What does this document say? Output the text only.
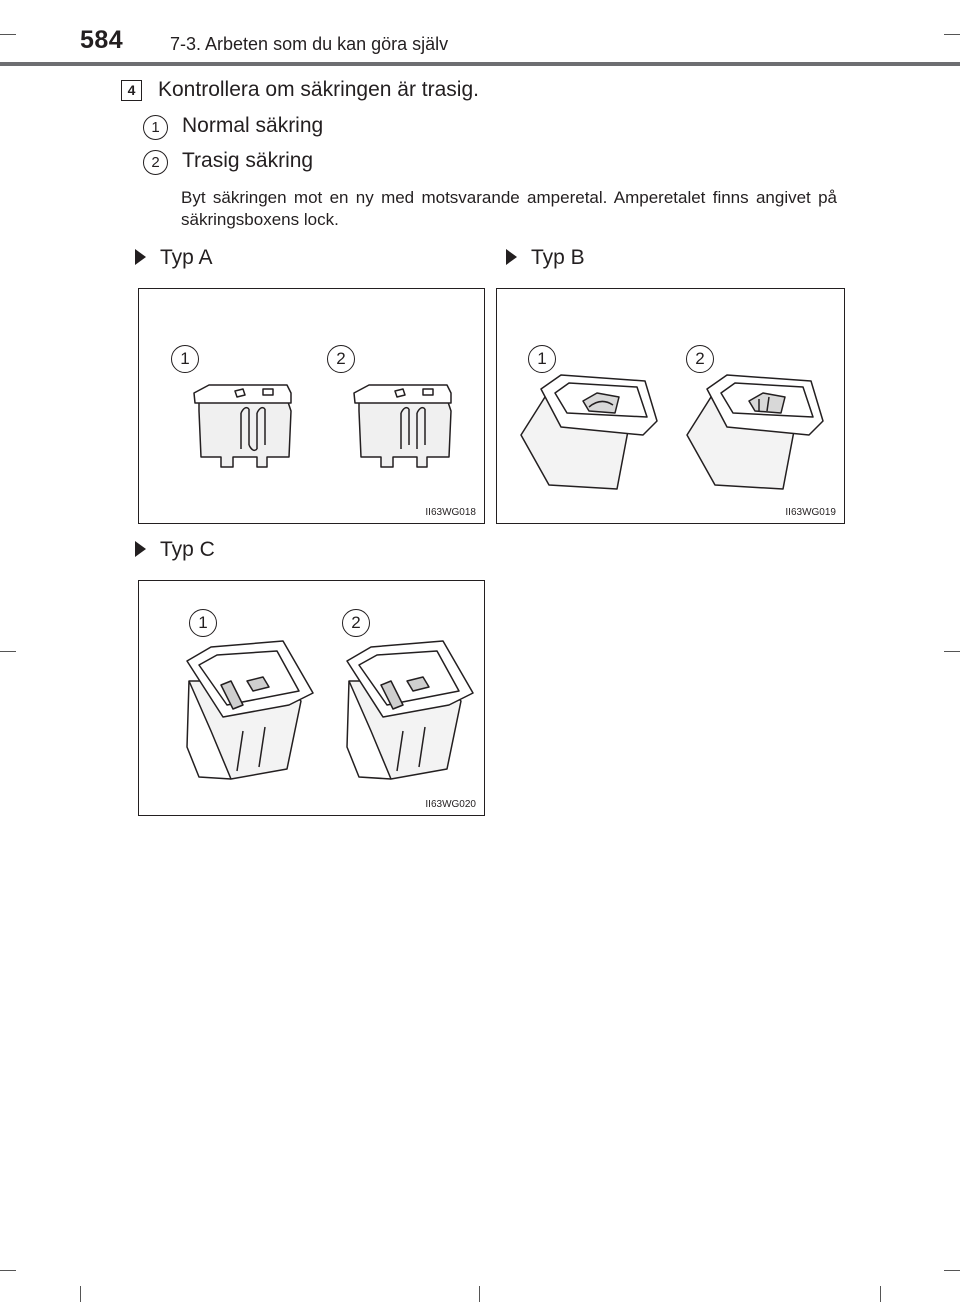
584	7-3. Arbeten som du kan göra själv
4	Kontrollera om säkringen är trasig.
1	Normal säkring
2	Trasig säkring
Byt säkringen mot en ny med motsvarande amperetal. Amperetalet finns angivet på säkringsboxens lock.
Typ A	Typ B
1	2
II63WG018
1	2
II63WG019
Typ C
1	2
II63WG020
